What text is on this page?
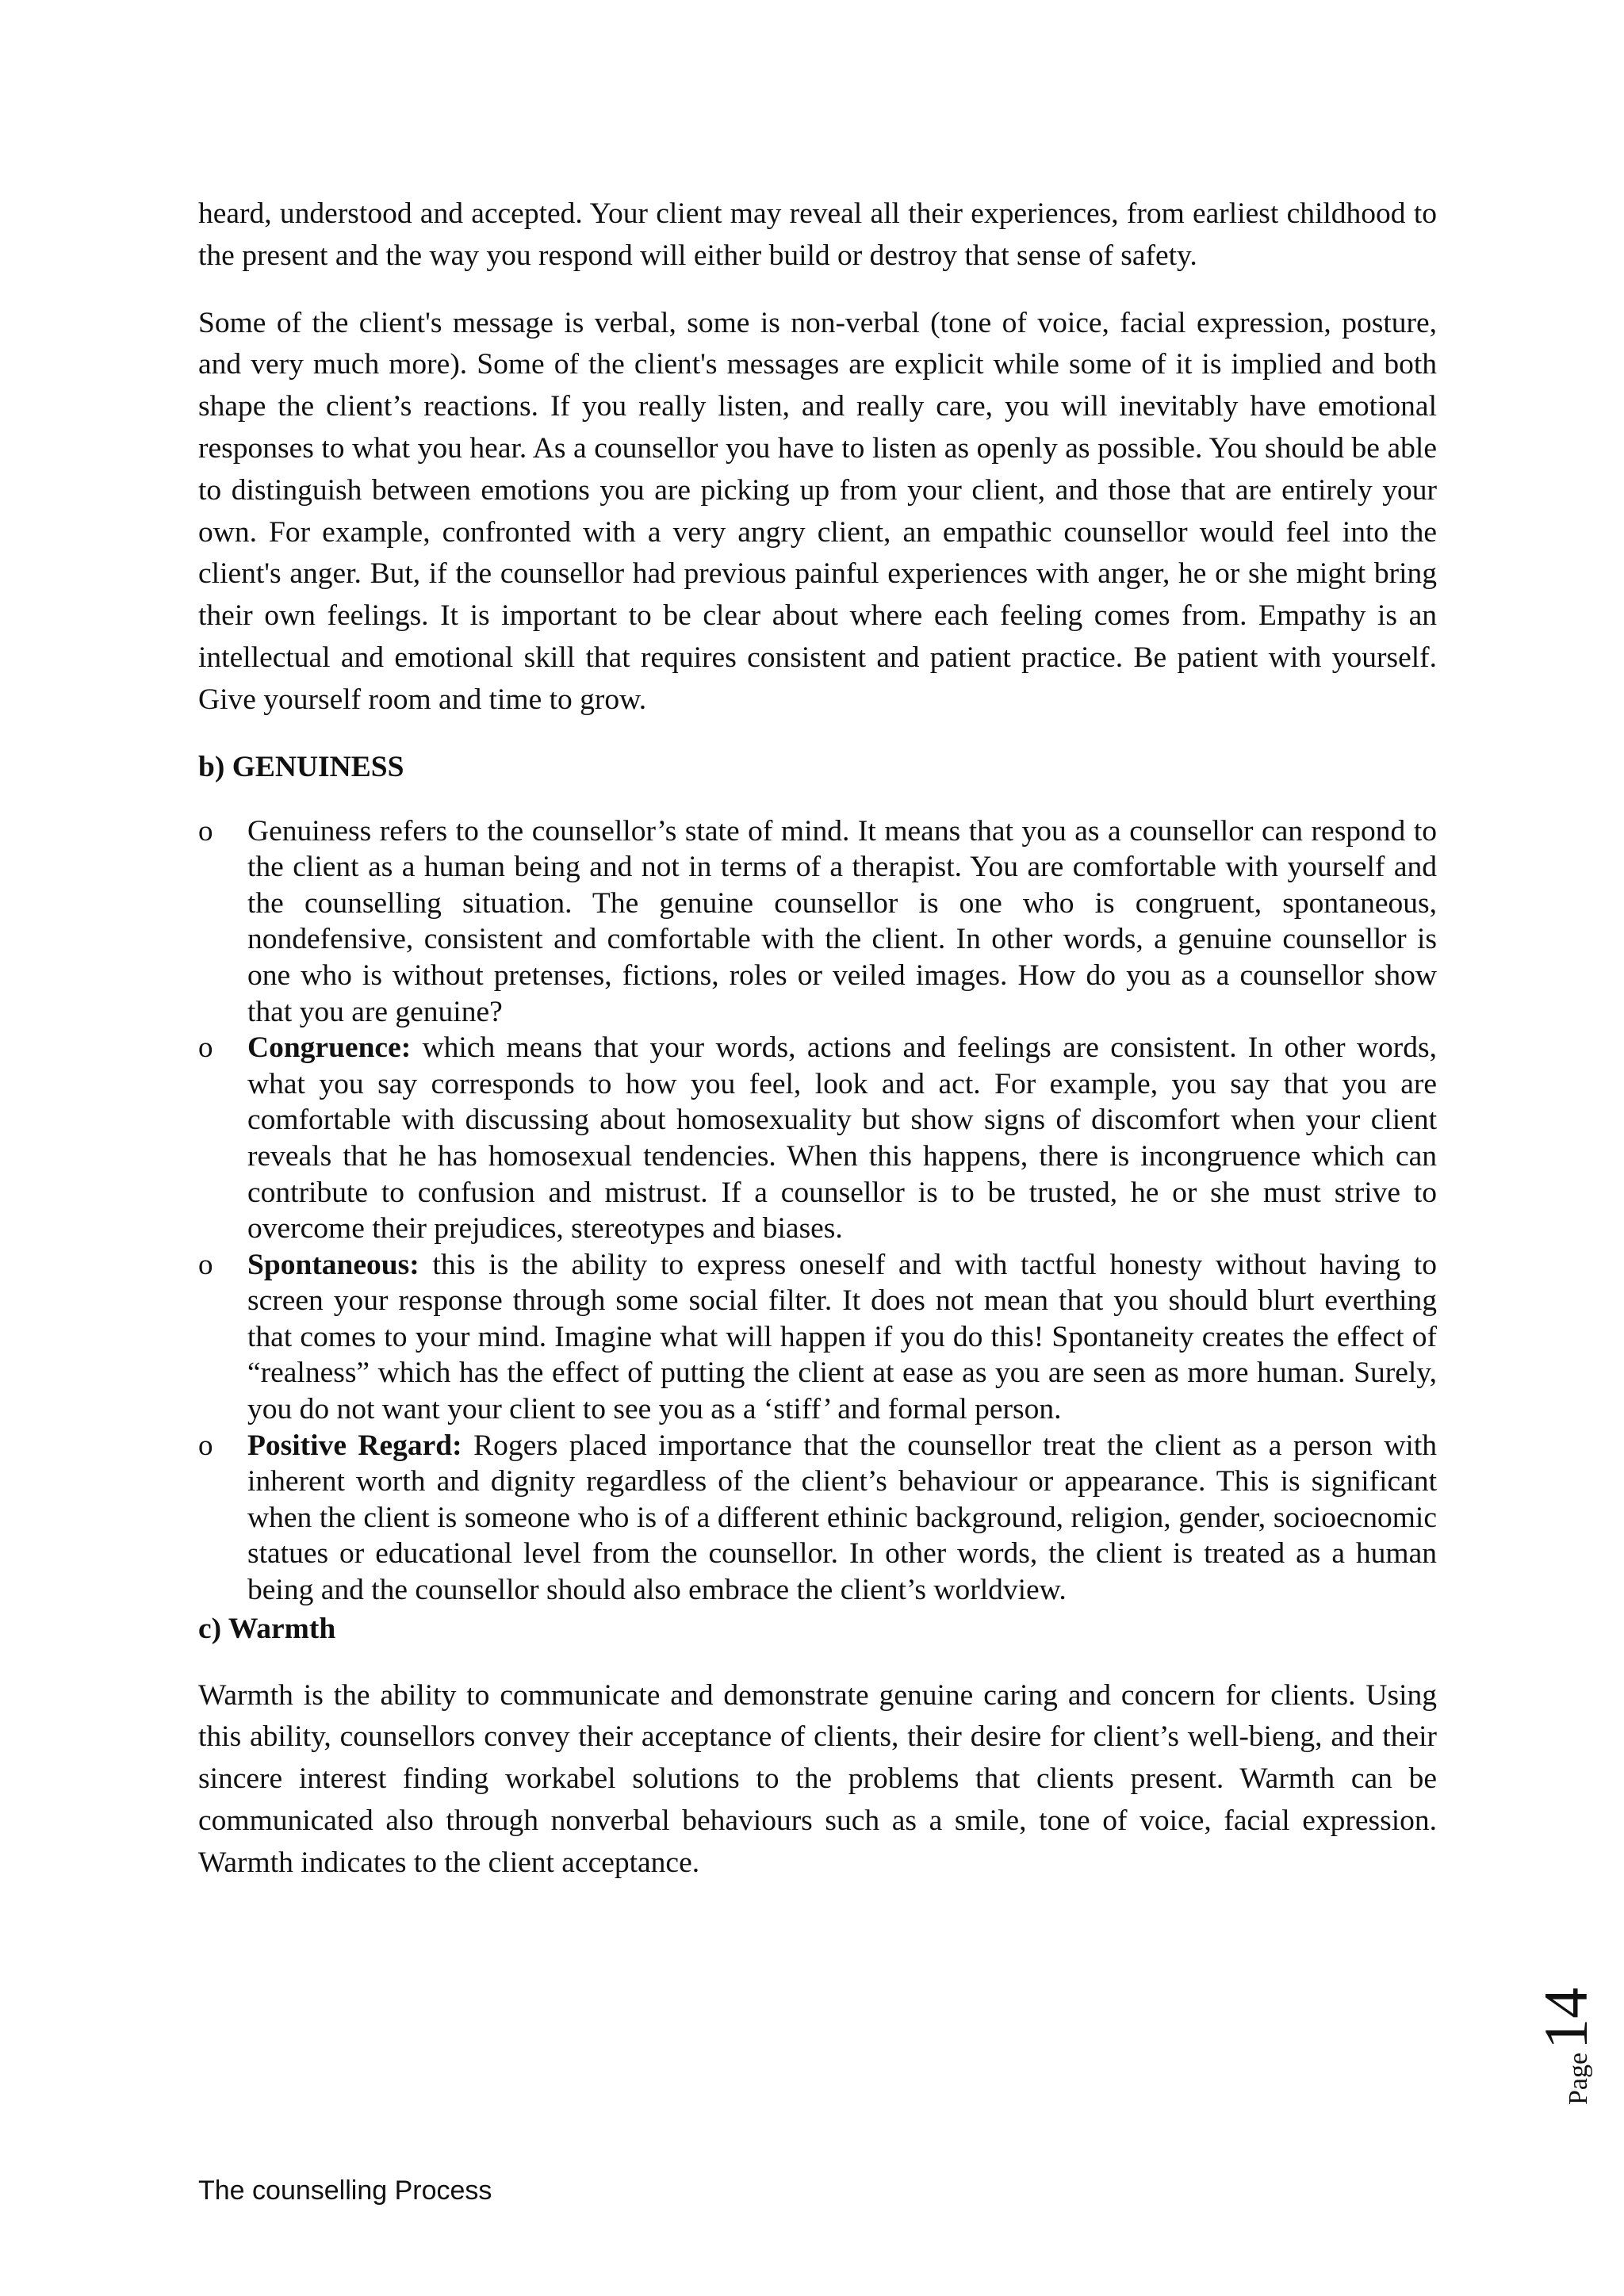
heard, understood and accepted. Your client may reveal all their experiences, from earliest childhood to the present and the way you respond will either build or destroy that sense of safety.

Some of the client's message is verbal, some is non-verbal (tone of voice, facial expression, posture, and very much more). Some of the client's messages are explicit while some of it is implied and both shape the client’s reactions. If you really listen, and really care, you will inevitably have emotional responses to what you hear. As a counsellor you have to listen as openly as possible. You should be able to distinguish between emotions you are picking up from your client, and those that are entirely your own. For example, confronted with a very angry client, an empathic counsellor would feel into the client's anger. But, if the counsellor had previous painful experiences with anger, he or she might bring their own feelings. It is important to be clear about where each feeling comes from. Empathy is an intellectual and emotional skill that requires consistent and patient practice. Be patient with yourself. Give yourself room and time to grow.

b) GENUINESS
o Genuiness refers to the counsellor’s state of mind. It means that you as a counsellor can respond to the client as a human being and not in terms of a therapist. You are comfortable with yourself and the counselling situation. The genuine counsellor is one who is congruent, spontaneous, nondefensive, consistent and comfortable with the client. In other words, a genuine counsellor is one who is without pretenses, fictions, roles or veiled images. How do you as a counsellor show that you are genuine?
o Congruence: which means that your words, actions and feelings are consistent. In other words, what you say corresponds to how you feel, look and act. For example, you say that you are comfortable with discussing about homosexuality but show signs of discomfort when your client reveals that he has homosexual tendencies. When this happens, there is incongruence which can contribute to confusion and mistrust. If a counsellor is to be trusted, he or she must strive to overcome their prejudices, stereotypes and biases.
o Spontaneous: this is the ability to express oneself and with tactful honesty without having to screen your response through some social filter. It does not mean that you should blurt everthing that comes to your mind. Imagine what will happen if you do this! Spontaneity creates the effect of “realness” which has the effect of putting the client at ease as you are seen as more human. Surely, you do not want your client to see you as a ‘stiff’ and formal person.
o Positive Regard: Rogers placed importance that the counsellor treat the client as a person with inherent worth and dignity regardless of the client’s behaviour or appearance. This is significant when the client is someone who is of a different ethinic background, religion, gender, socioecnomic statues or educational level from the counsellor. In other words, the client is treated as a human being and the counsellor should also embrace the client’s worldview.
c) Warmth

Warmth is the ability to communicate and demonstrate genuine caring and concern for clients. Using this ability, counsellors convey their acceptance of clients, their desire for client’s well-bieng, and their sincere interest finding workabel solutions to the problems that clients present. Warmth can be communicated also through nonverbal behaviours such as a smile, tone of voice, facial expression. Warmth indicates to the client acceptance.

Page14
The counselling Process
